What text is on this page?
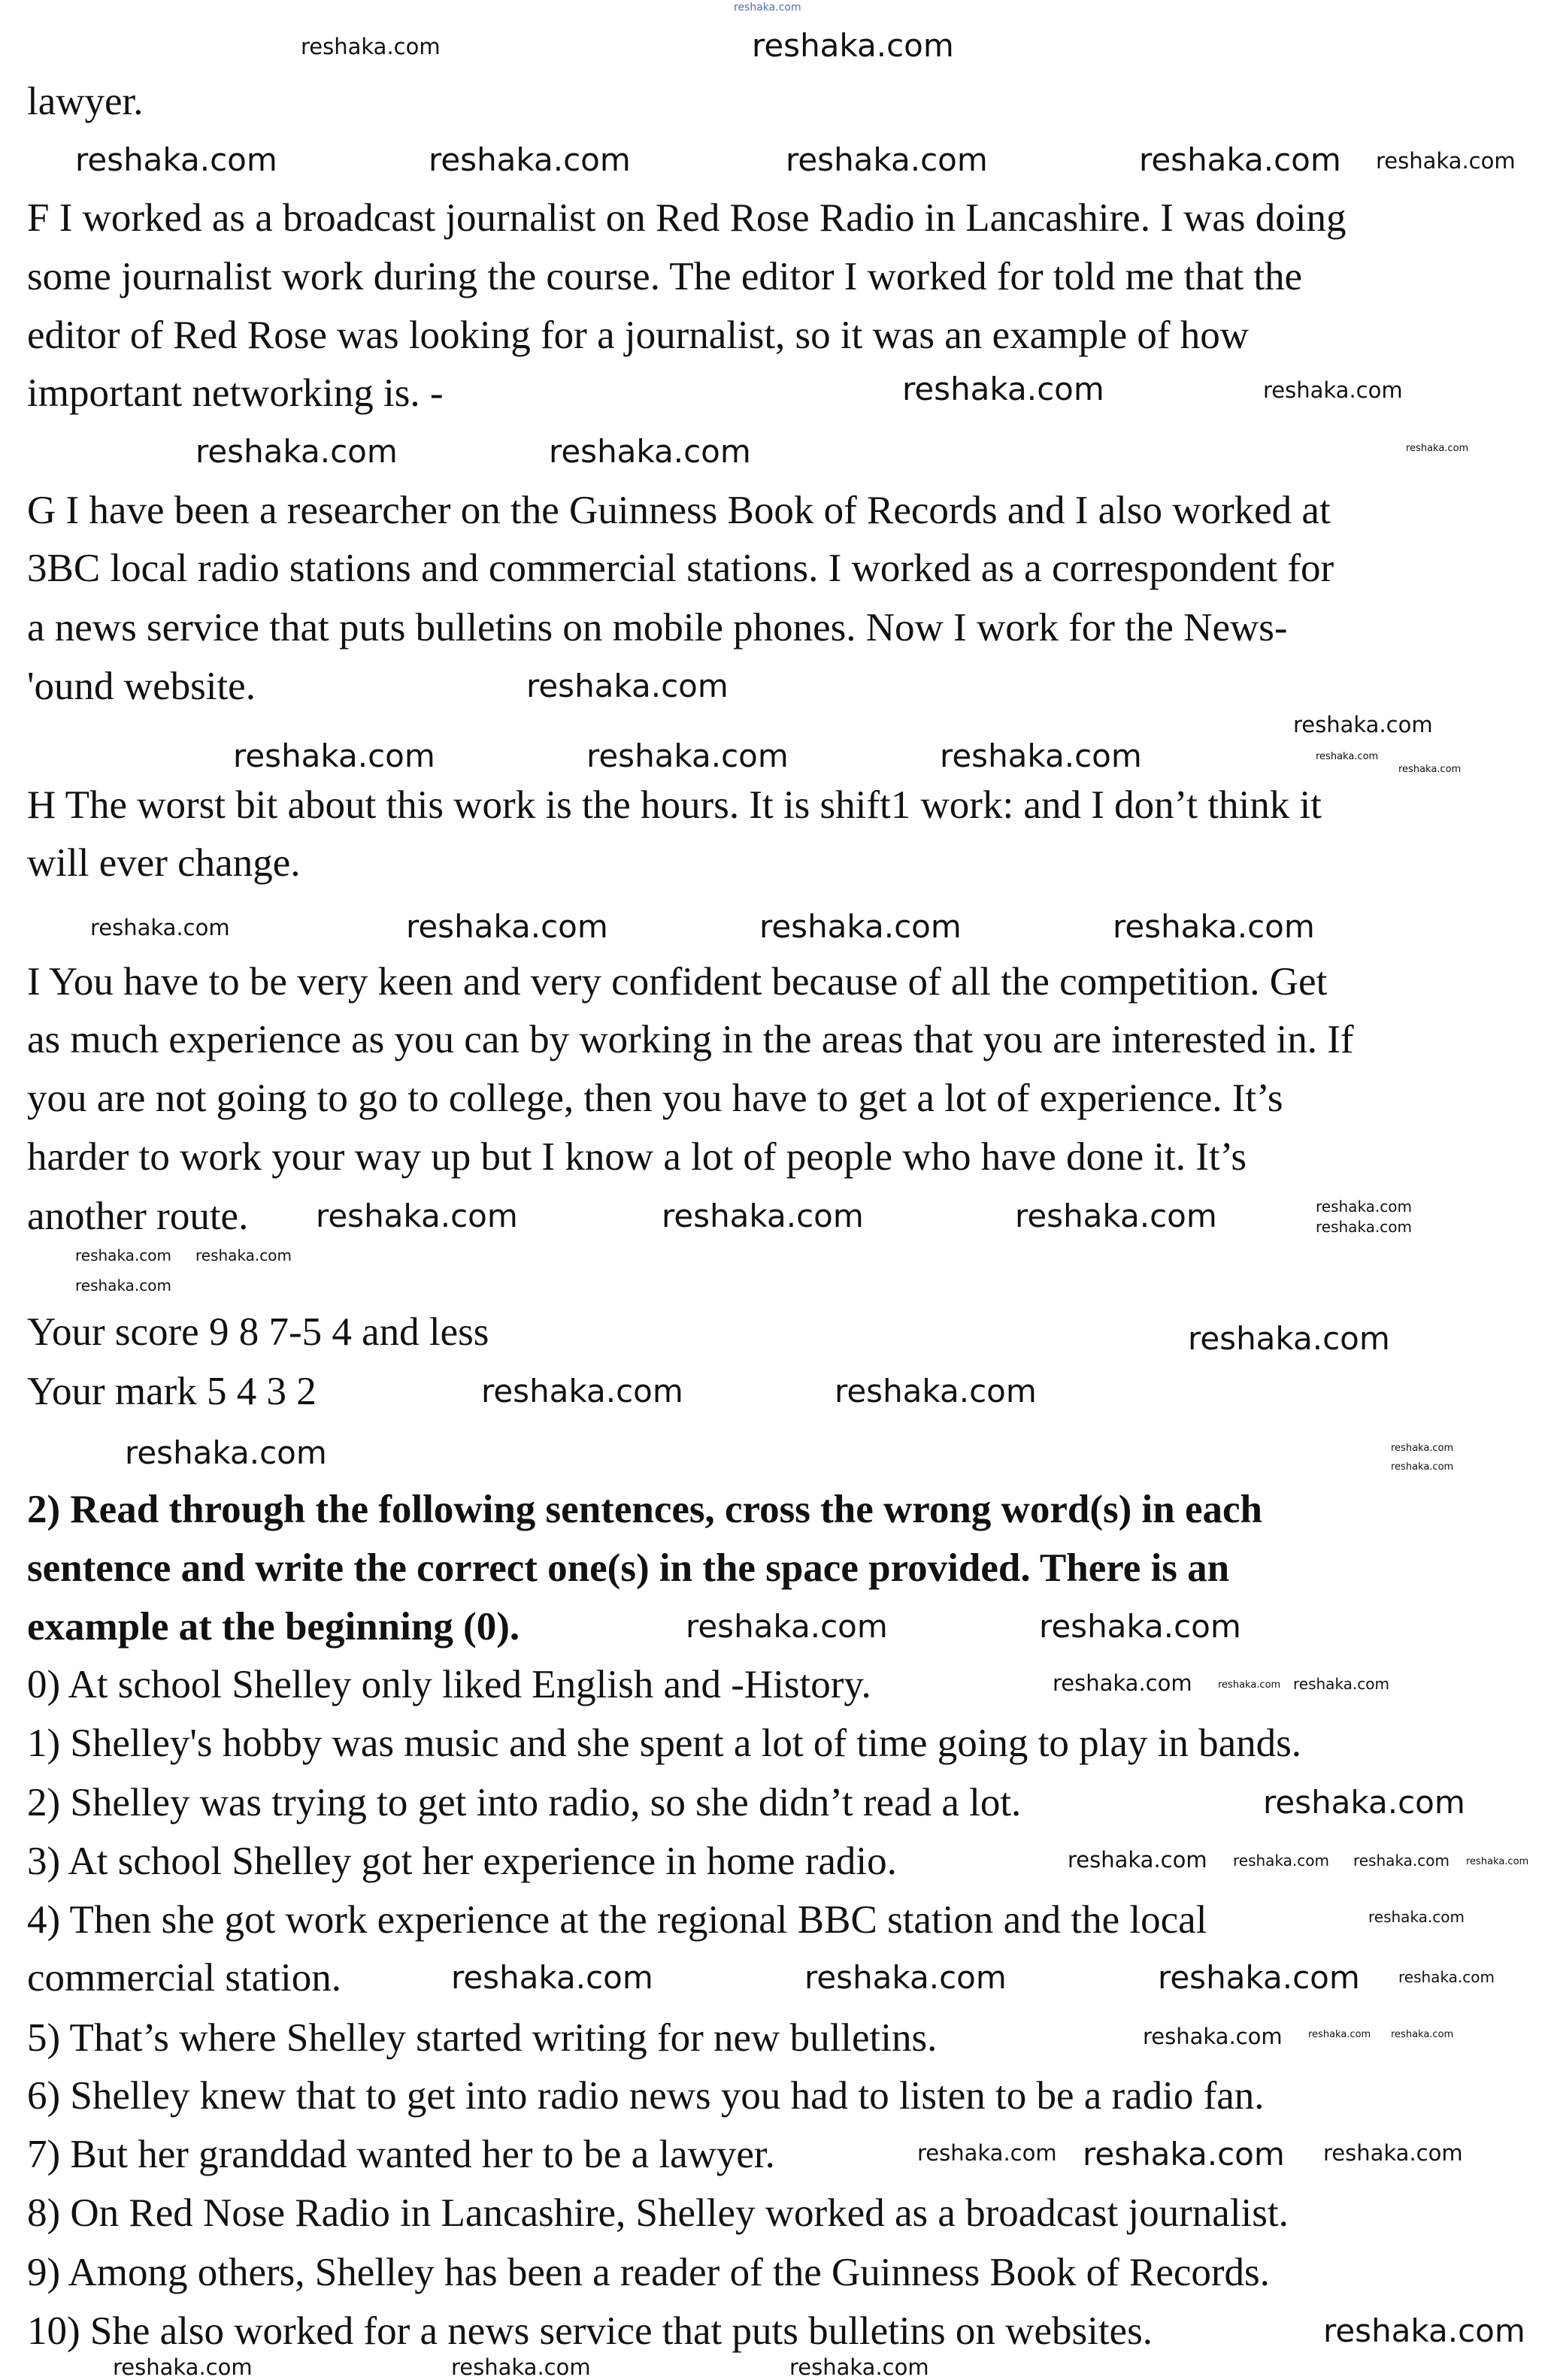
reshaka.com
reshaka.com
reshaka.com
reshaka.com	reshaka.com	reshaka.com	reshaka.com reshaka.com
reshaka.com	reshaka.com
reshaka.com	reshaka.com	reshaka.com
reshaka.com
reshaka.com
reshaka.com	reshaka.com	reshaka.com	reshaka.com
reshaka.com
reshaka.com	reshaka.com	reshaka.com	reshaka.com
reshaka.com	reshaka.com	reshaka.com	reshaka.com
reshaka.com
reshaka.com reshaka.com
reshaka.com
reshaka.com
reshaka.com	reshaka.com
reshaka.com	reshaka.com
reshaka.com
reshaka.com	reshaka.com
reshaka.com	reshaka.com reshaka.com
reshaka.com
reshaka.com reshaka.com reshaka.com reshaka.com
reshaka.com
reshaka.com	reshaka.com	reshaka.com	reshaka.com
reshaka.com	reshaka.com reshaka.com
reshaka.com reshaka.com reshaka.com
reshaka.com
reshaka.com	reshaka.com	reshaka.com
lawyer.
F I worked as a broadcast journalist on Red Rose Radio in Lancashire. I was doing
some journalist work during the course. The editor I worked for told me that the
editor of Red Rose was looking for a journalist, so it was an example of how
important networking is. -
G I have been a researcher on the Guinness Book of Records and I also worked at
3BC local radio stations and commercial stations. I worked as a correspondent for
a news service that puts bulletins on mobile phones. Now I work for the News-
'ound website.
H The worst bit about this work is the hours. It is shift1 work: and I don’t think it
will ever change.
I You have to be very keen and very confident because of all the competition. Get
as much experience as you can by working in the areas that you are interested in. If
you are not going to go to college, then you have to get a lot of experience. It’s
harder to work your way up but I know a lot of people who have done it. It’s
another route.
Your score 9 8 7-5 4 and less
Your mark 5 4 3 2
2) Read through the following sentences, cross the wrong word(s) in each
sentence and write the correct one(s) in the space provided. There is an
example at the beginning (0).
0) At school Shelley only liked English and -History.
1) Shelley's hobby was music and she spent a lot of time going to play in bands.
2) Shelley was trying to get into radio, so she didn’t read a lot.
3) At school Shelley got her experience in home radio.
4) Then she got work experience at the regional BBC station and the local
commercial station.
5) That’s where Shelley started writing for new bulletins.
6) Shelley knew that to get into radio news you had to listen to be a radio fan.
7) But her granddad wanted her to be a lawyer.
8) On Red Nose Radio in Lancashire, Shelley worked as a broadcast journalist.
9) Among others, Shelley has been a reader of the Guinness Book of Records.
10) She also worked for a news service that puts bulletins on websites.
